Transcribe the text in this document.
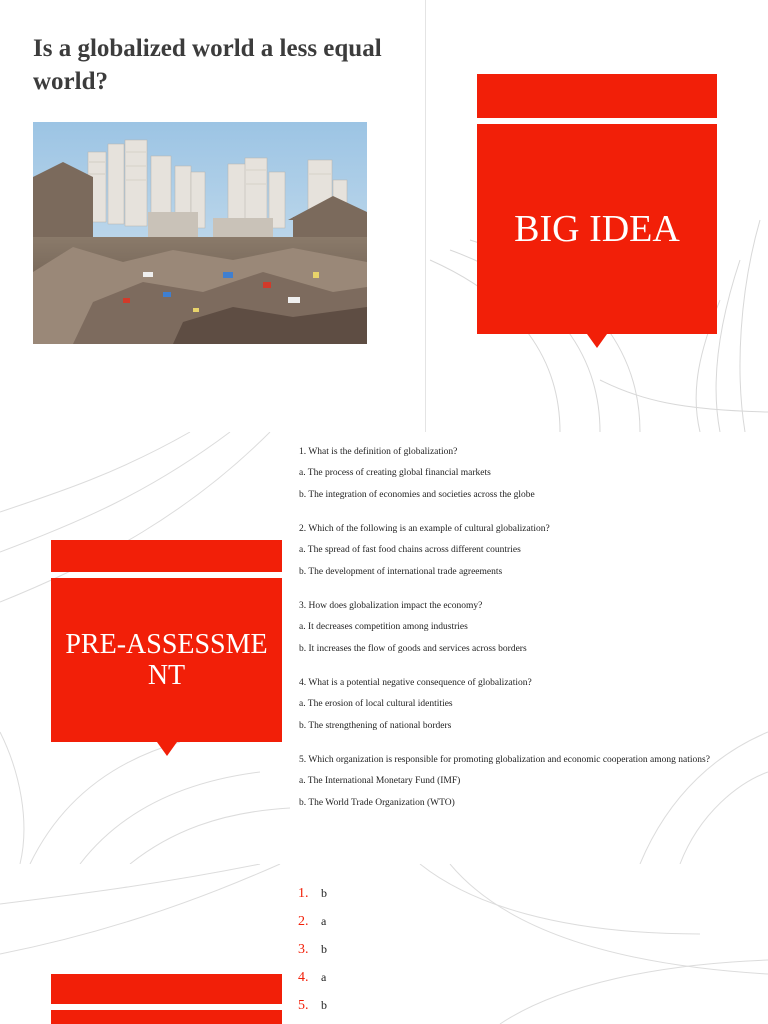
Is a globalized world a less equal world?
BIG IDEA
PRE-ASSESSMENT
1. What is the definition of globalization?
a. The process of creating global financial markets
b. The integration of economies and societies across the globe
2. Which of the following is an example of cultural globalization?
a. The spread of fast food chains across different countries
b. The development of international trade agreements
3. How does globalization impact the economy?
a. It decreases competition among industries
b. It increases the flow of goods and services across borders
4. What is a potential negative consequence of globalization?
a. The erosion of local cultural identities
b. The strengthening of national borders
5. Which organization is responsible for promoting globalization and economic cooperation among nations?
a. The International Monetary Fund (IMF)
b. The World Trade Organization (WTO)
1.	b
2.	a
3.	b
4.	a
5.	b
